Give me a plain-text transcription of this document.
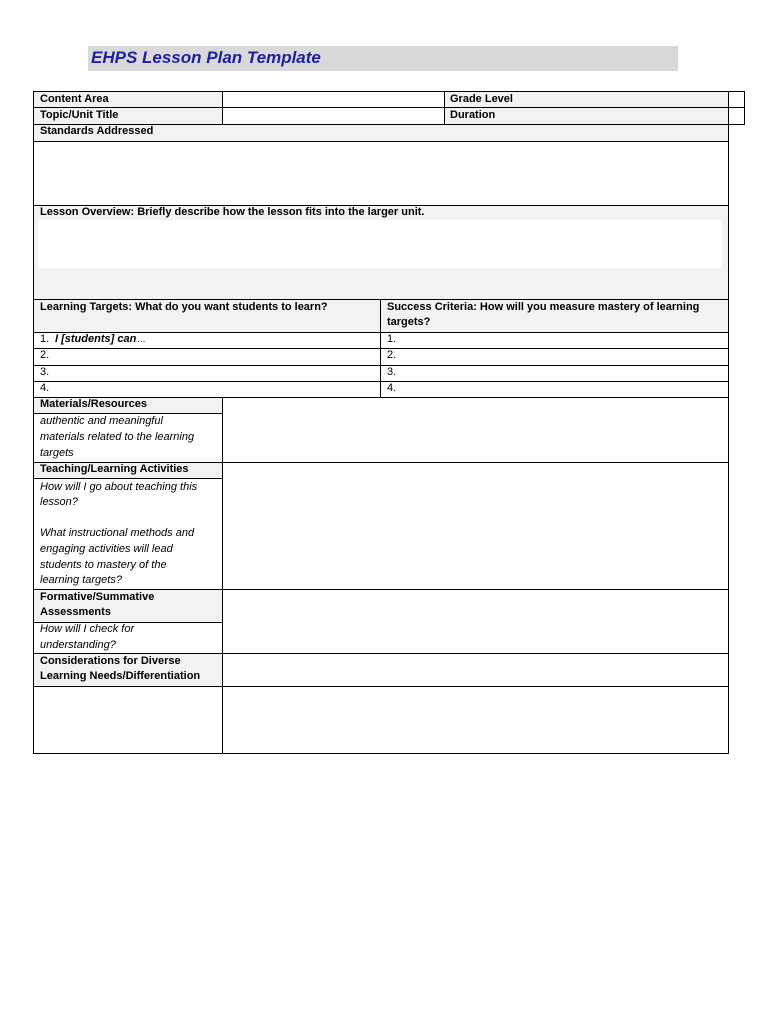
EHPS Lesson Plan Template
Content Area	Grade Level
Topic/Unit Title	Duration
Standards Addressed
Lesson Overview: Briefly describe how the lesson fits into the larger unit.
Learning Targets: What do you want students to learn?	Success Criteria: How will you measure mastery of learning
targets?
1. I [students] can …	1.
2.	2.
3.	3.
4.	4.
Materials/Resources
authentic and meaningful
materials related to the learning
targets
Teaching/Learning Activities
How will I go about teaching this
lesson?
What instructional methods and
engaging activities will lead
students to mastery of the
learning targets?
Formative/Summative
Assessments
How will I check for
understanding?
Considerations for Diverse
Learning Needs/Differentiation
